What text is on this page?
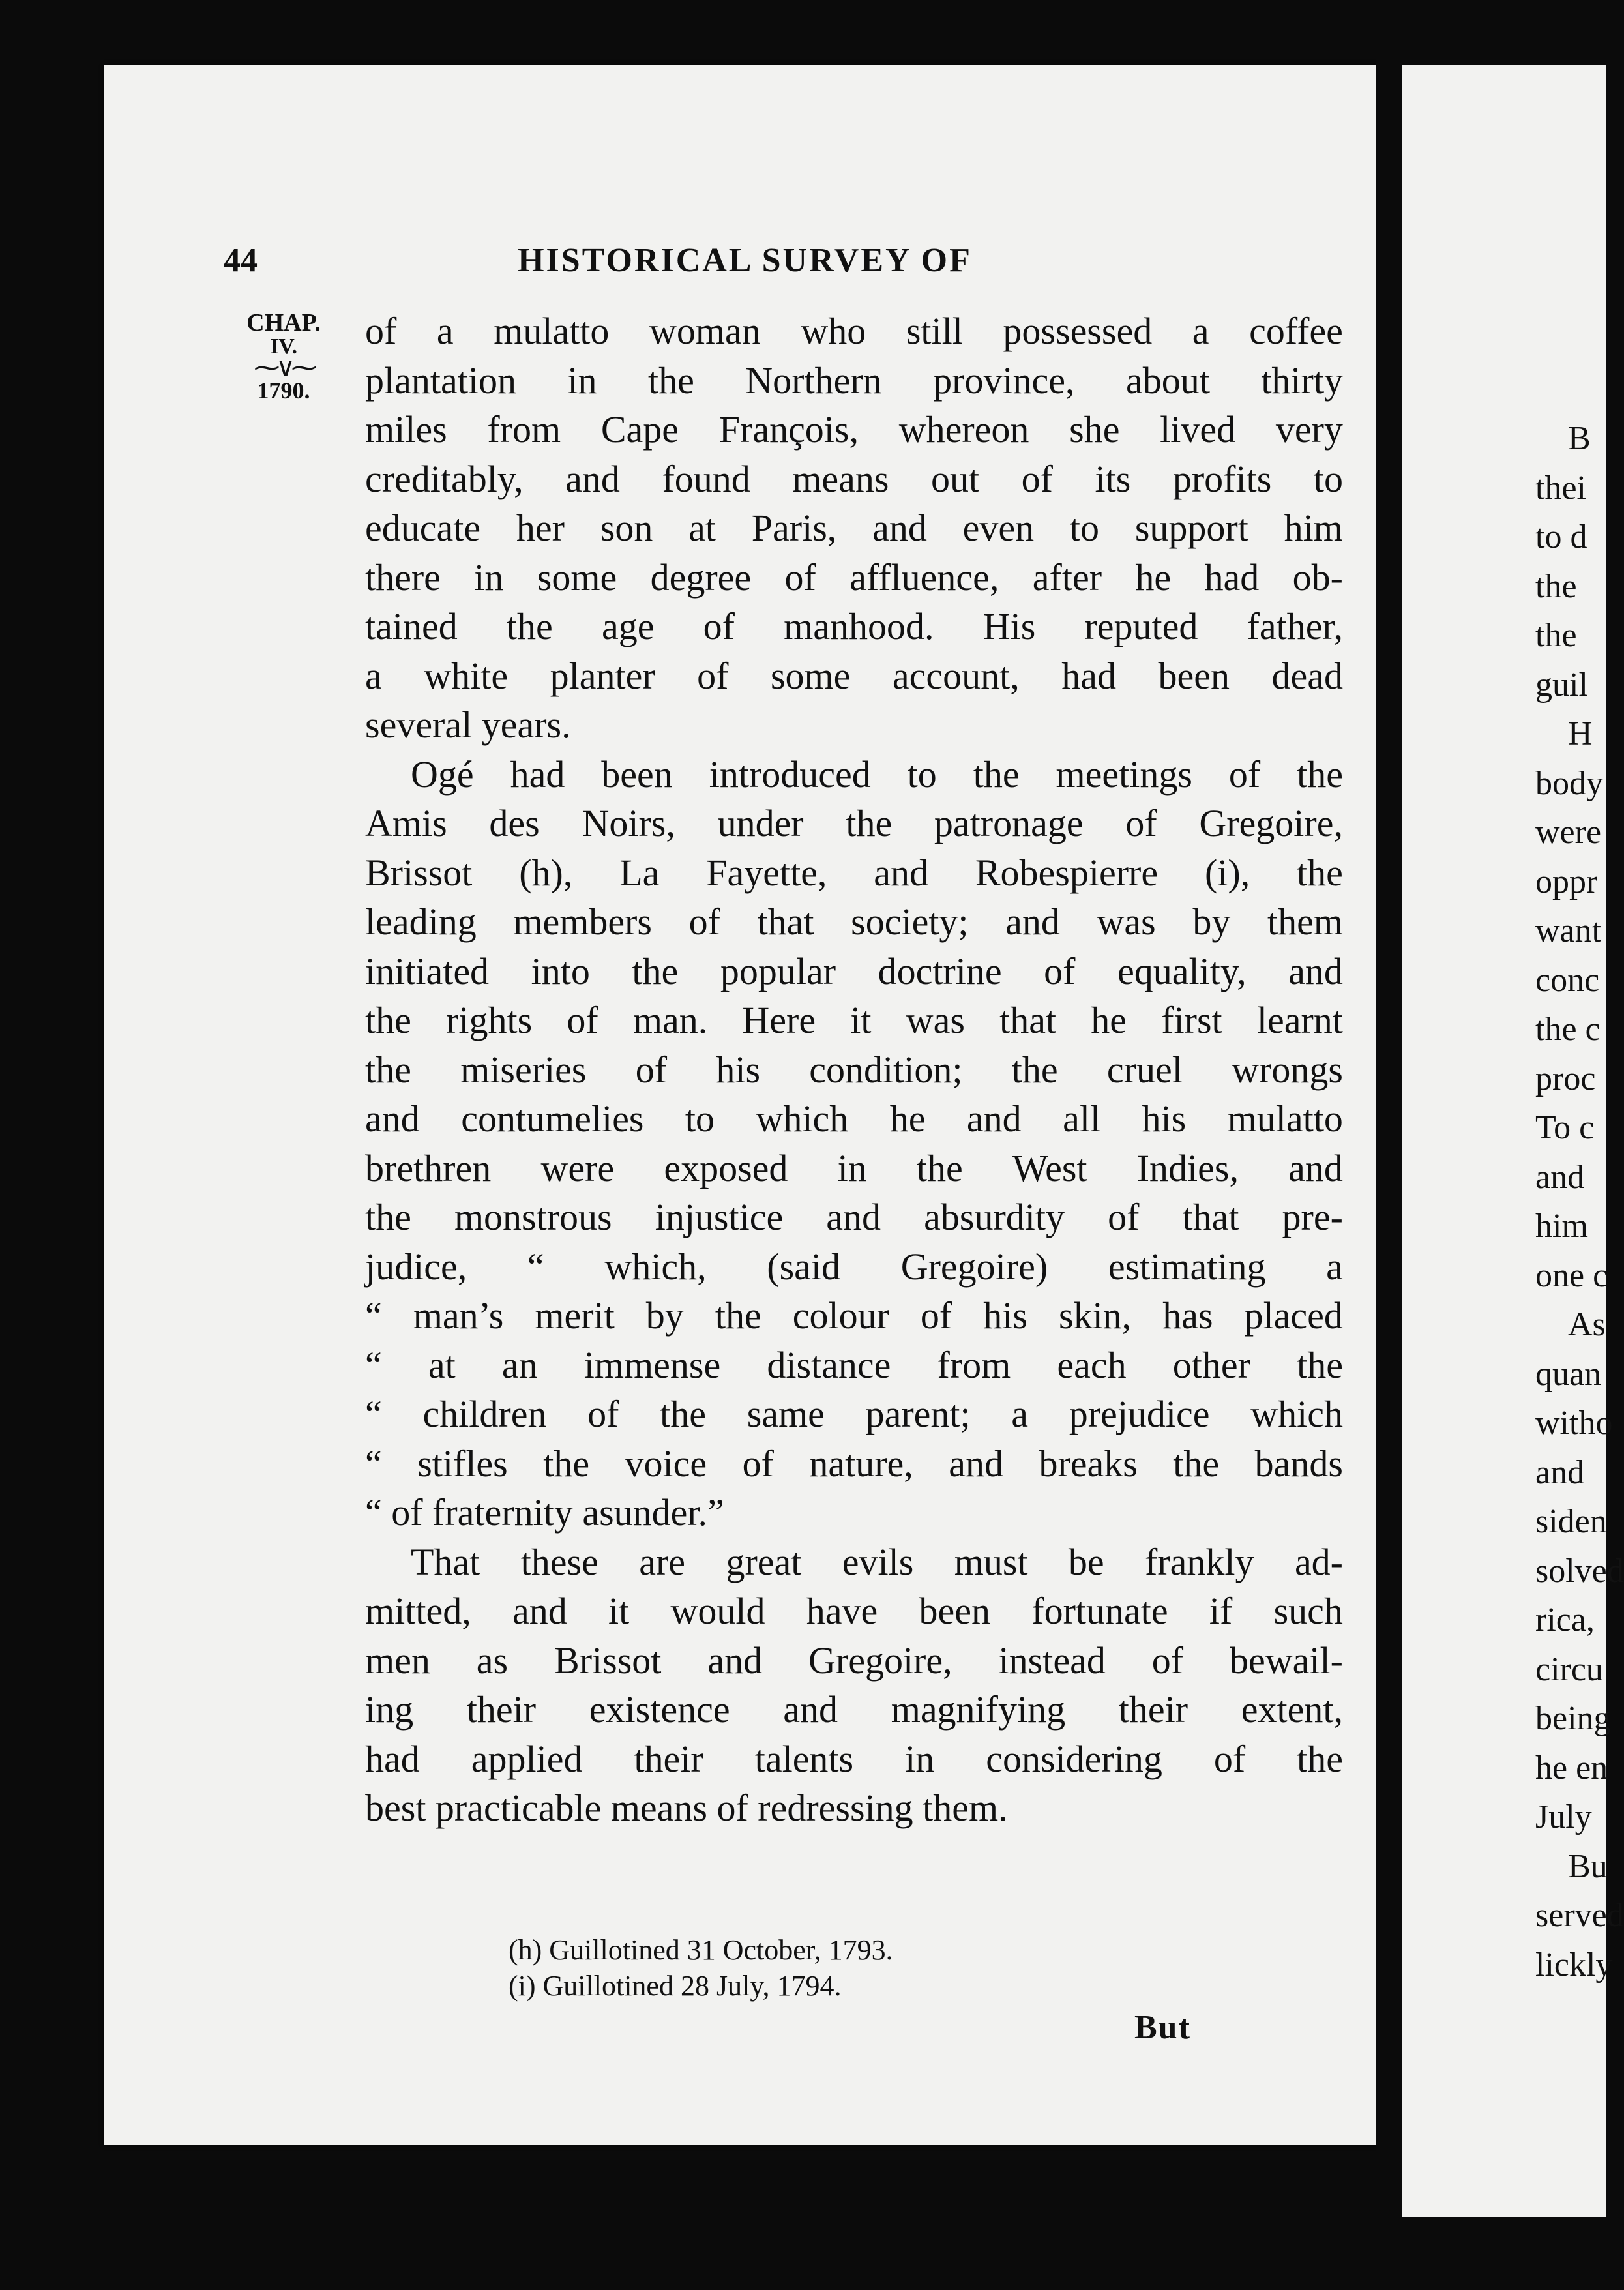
44	HISTORICAL SURVEY OF
CHAP.
IV.
⁓∨⁓
1790.
of a mulatto woman who still possessed a coffee
plantation in the Northern province, about thirty
miles from Cape François, whereon she lived very
creditably, and found means out of its profits to
educate her son at Paris, and even to support him
there in some degree of affluence, after he had ob-
tained the age of manhood. His reputed father,
a white planter of some account, had been dead
several years.
Ogé had been introduced to the meetings of the
Amis des Noirs, under the patronage of Gregoire,
Brissot (h), La Fayette, and Robespierre (i), the
leading members of that society; and was by them
initiated into the popular doctrine of equality, and
the rights of man. Here it was that he first learnt
the miseries of his condition; the cruel wrongs
and contumelies to which he and all his mulatto
brethren were exposed in the West Indies, and
the monstrous injustice and absurdity of that pre-
judice, “ which, (said Gregoire) estimating a
“ man’s merit by the colour of his skin, has placed
“ at an immense distance from each other the
“ children of the same parent; a prejudice which
“ stifles the voice of nature, and breaks the bands
“ of fraternity asunder.”
That these are great evils must be frankly ad-
mitted, and it would have been fortunate if such
men as Brissot and Gregoire, instead of bewail-
ing their existence and magnifying their extent,
had applied their talents in considering of the
best practicable means of redressing them.
(h) Guillotined 31 October, 1793.
(i) Guillotined 28 July, 1794.
But
B
thei
to d
the
the
guil
H
body
were
oppr
want
conc
the c
proc
To c
and
him
one c
As
quan
witho
and
siden
solved
rica,
circu
being
he en
July
Bu
served
lickly
